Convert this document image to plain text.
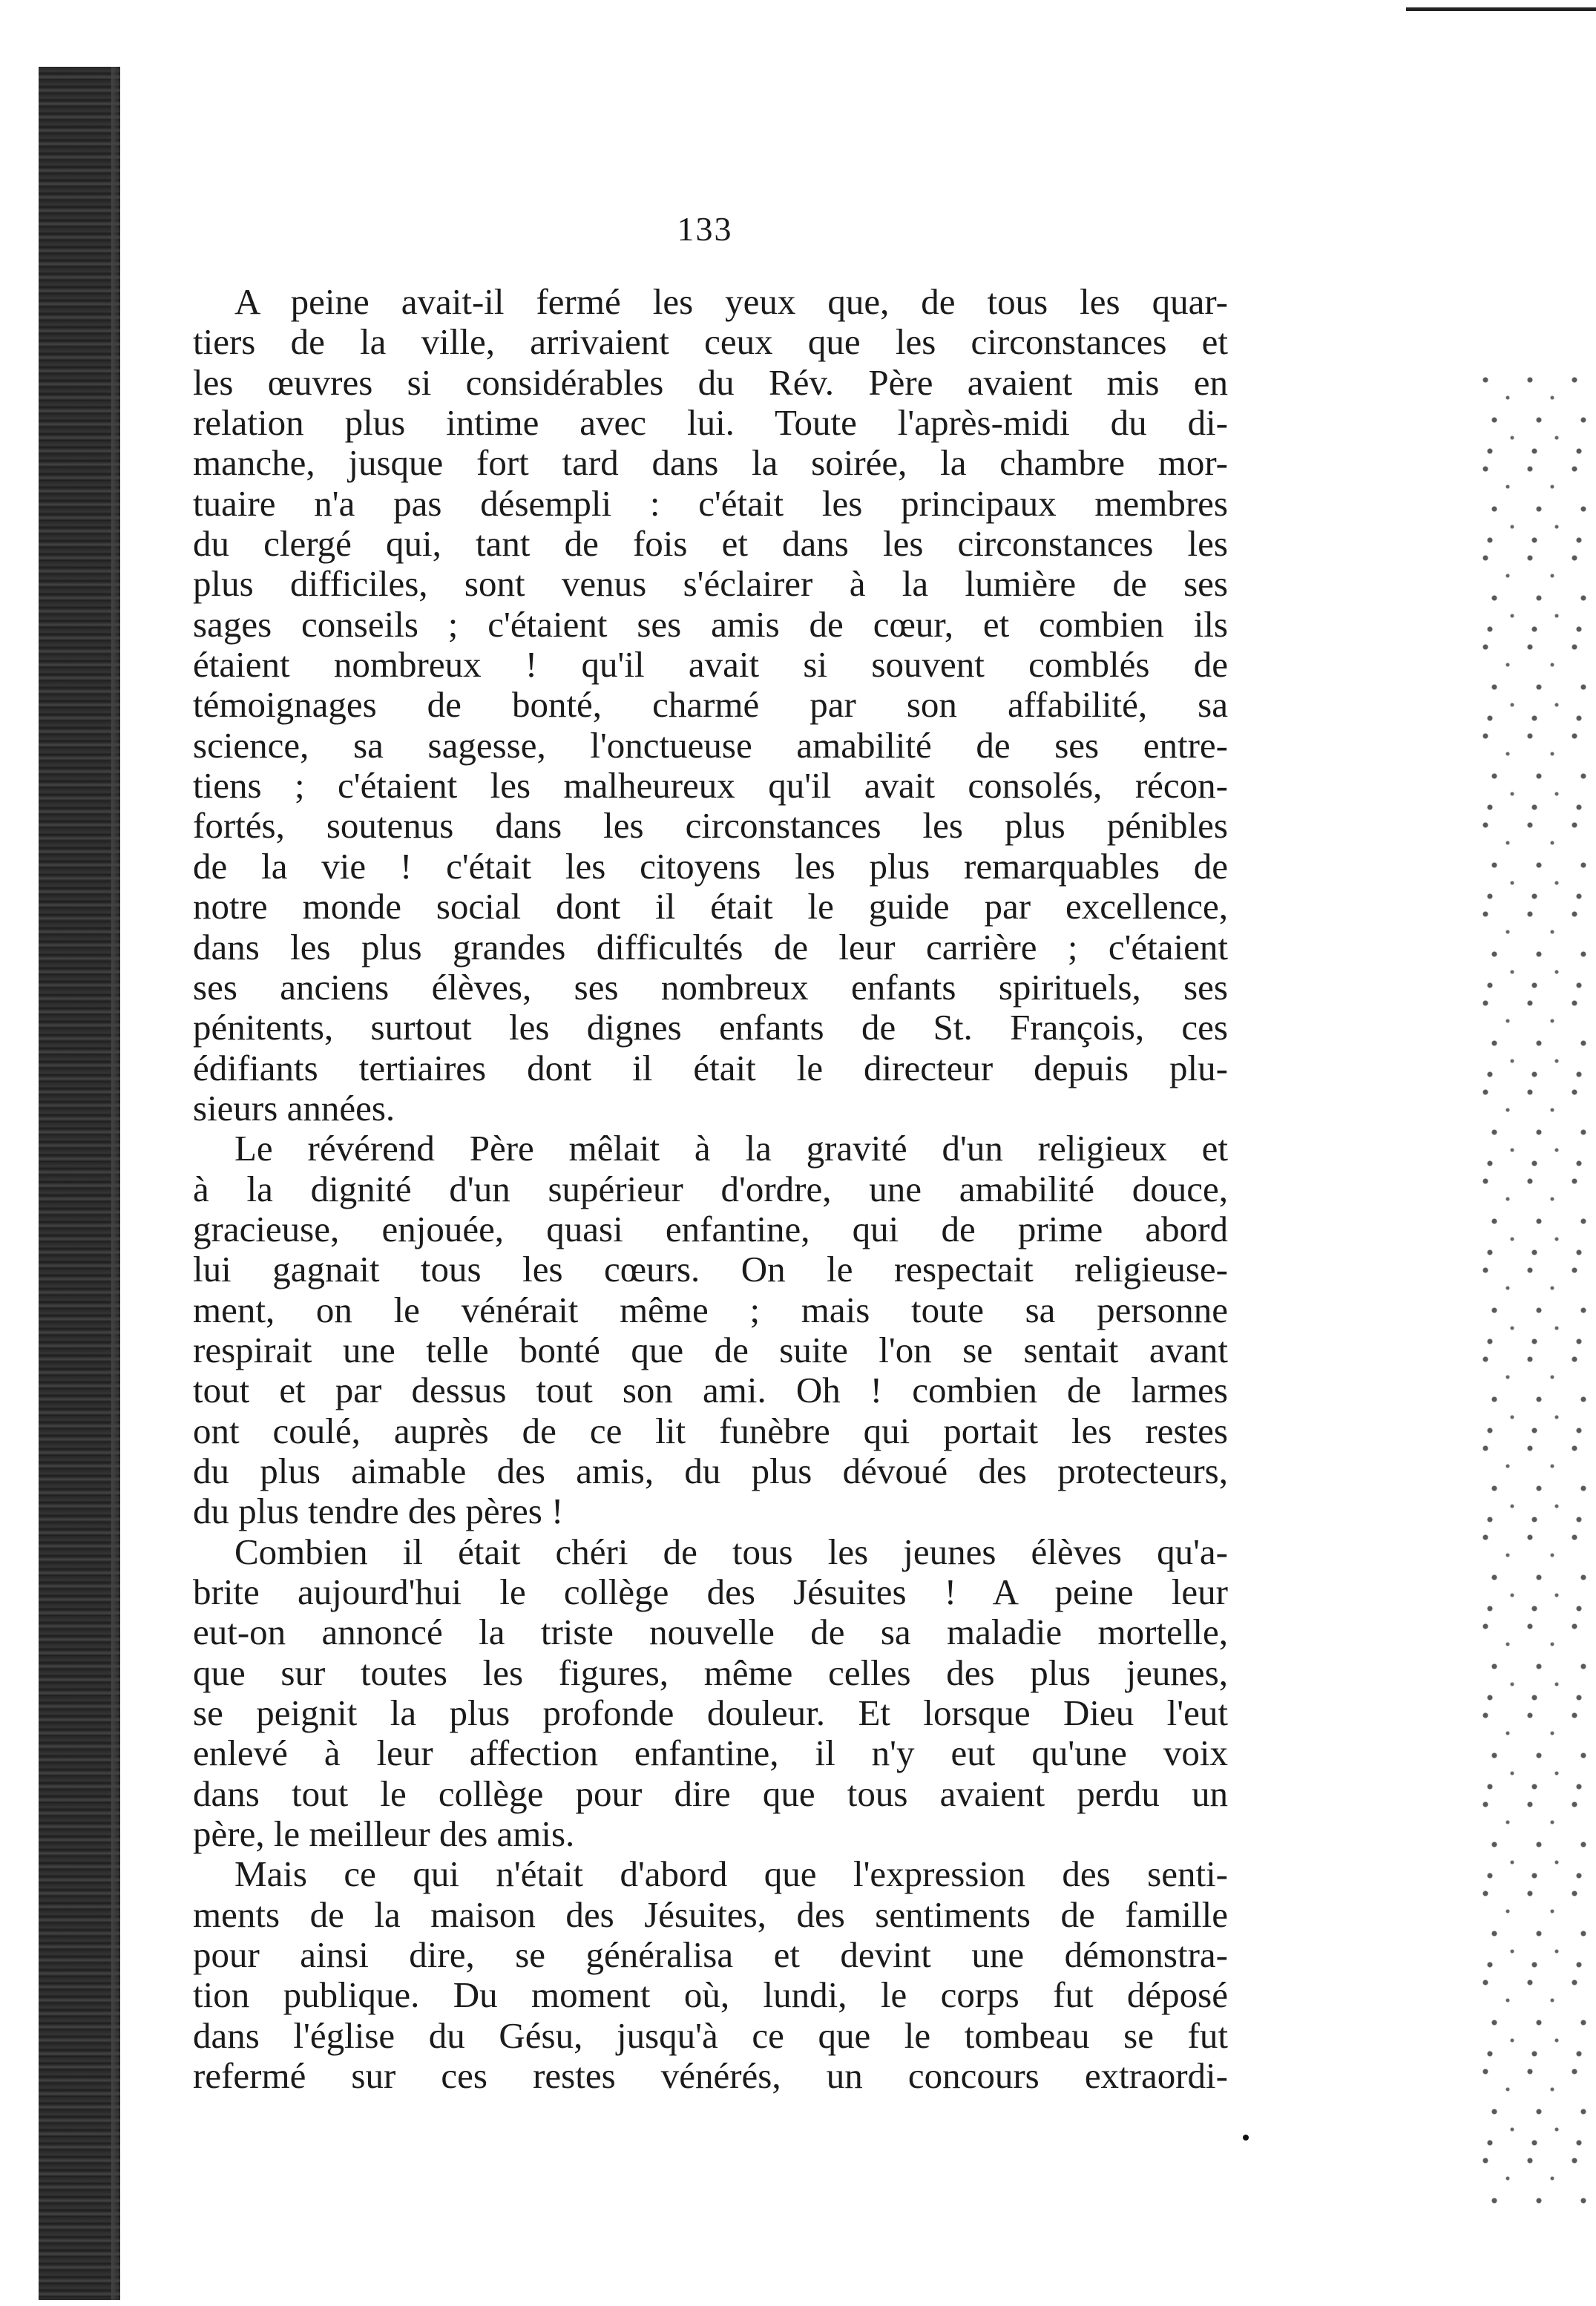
133
A peine avait-il fermé les yeux que, de tous les quar-
tiers de la ville, arrivaient ceux que les circonstances et
les œuvres si considérables du Rév. Père avaient mis en
relation plus intime avec lui. Toute l'après-midi du di-
manche, jusque fort tard dans la soirée, la chambre mor-
tuaire n'a pas désempli : c'était les principaux membres
du clergé qui, tant de fois et dans les circonstances les
plus difficiles, sont venus s'éclairer à la lumière de ses
sages conseils ; c'étaient ses amis de cœur, et combien ils
étaient nombreux ! qu'il avait si souvent comblés de
témoignages de bonté, charmé par son affabilité, sa
science, sa sagesse, l'onctueuse amabilité de ses entre-
tiens ; c'étaient les malheureux qu'il avait consolés, récon-
fortés, soutenus dans les circonstances les plus pénibles
de la vie ! c'était les citoyens les plus remarquables de
notre monde social dont il était le guide par excellence,
dans les plus grandes difficultés de leur carrière ; c'étaient
ses anciens élèves, ses nombreux enfants spirituels, ses
pénitents, surtout les dignes enfants de St. François, ces
édifiants tertiaires dont il était le directeur depuis plu-
sieurs années.
Le révérend Père mêlait à la gravité d'un religieux et
à la dignité d'un supérieur d'ordre, une amabilité douce,
gracieuse, enjouée, quasi enfantine, qui de prime abord
lui gagnait tous les cœurs. On le respectait religieuse-
ment, on le vénérait même ; mais toute sa personne
respirait une telle bonté que de suite l'on se sentait avant
tout et par dessus tout son ami. Oh ! combien de larmes
ont coulé, auprès de ce lit funèbre qui portait les restes
du plus aimable des amis, du plus dévoué des protecteurs,
du plus tendre des pères !
Combien il était chéri de tous les jeunes élèves qu'a-
brite aujourd'hui le collège des Jésuites ! A peine leur
eut-on annoncé la triste nouvelle de sa maladie mortelle,
que sur toutes les figures, même celles des plus jeunes,
se peignit la plus profonde douleur. Et lorsque Dieu l'eut
enlevé à leur affection enfantine, il n'y eut qu'une voix
dans tout le collège pour dire que tous avaient perdu un
père, le meilleur des amis.
Mais ce qui n'était d'abord que l'expression des senti-
ments de la maison des Jésuites, des sentiments de famille
pour ainsi dire, se généralisa et devint une démonstra-
tion publique. Du moment où, lundi, le corps fut déposé
dans l'église du Gésu, jusqu'à ce que le tombeau se fut
refermé sur ces restes vénérés, un concours extraordi-
